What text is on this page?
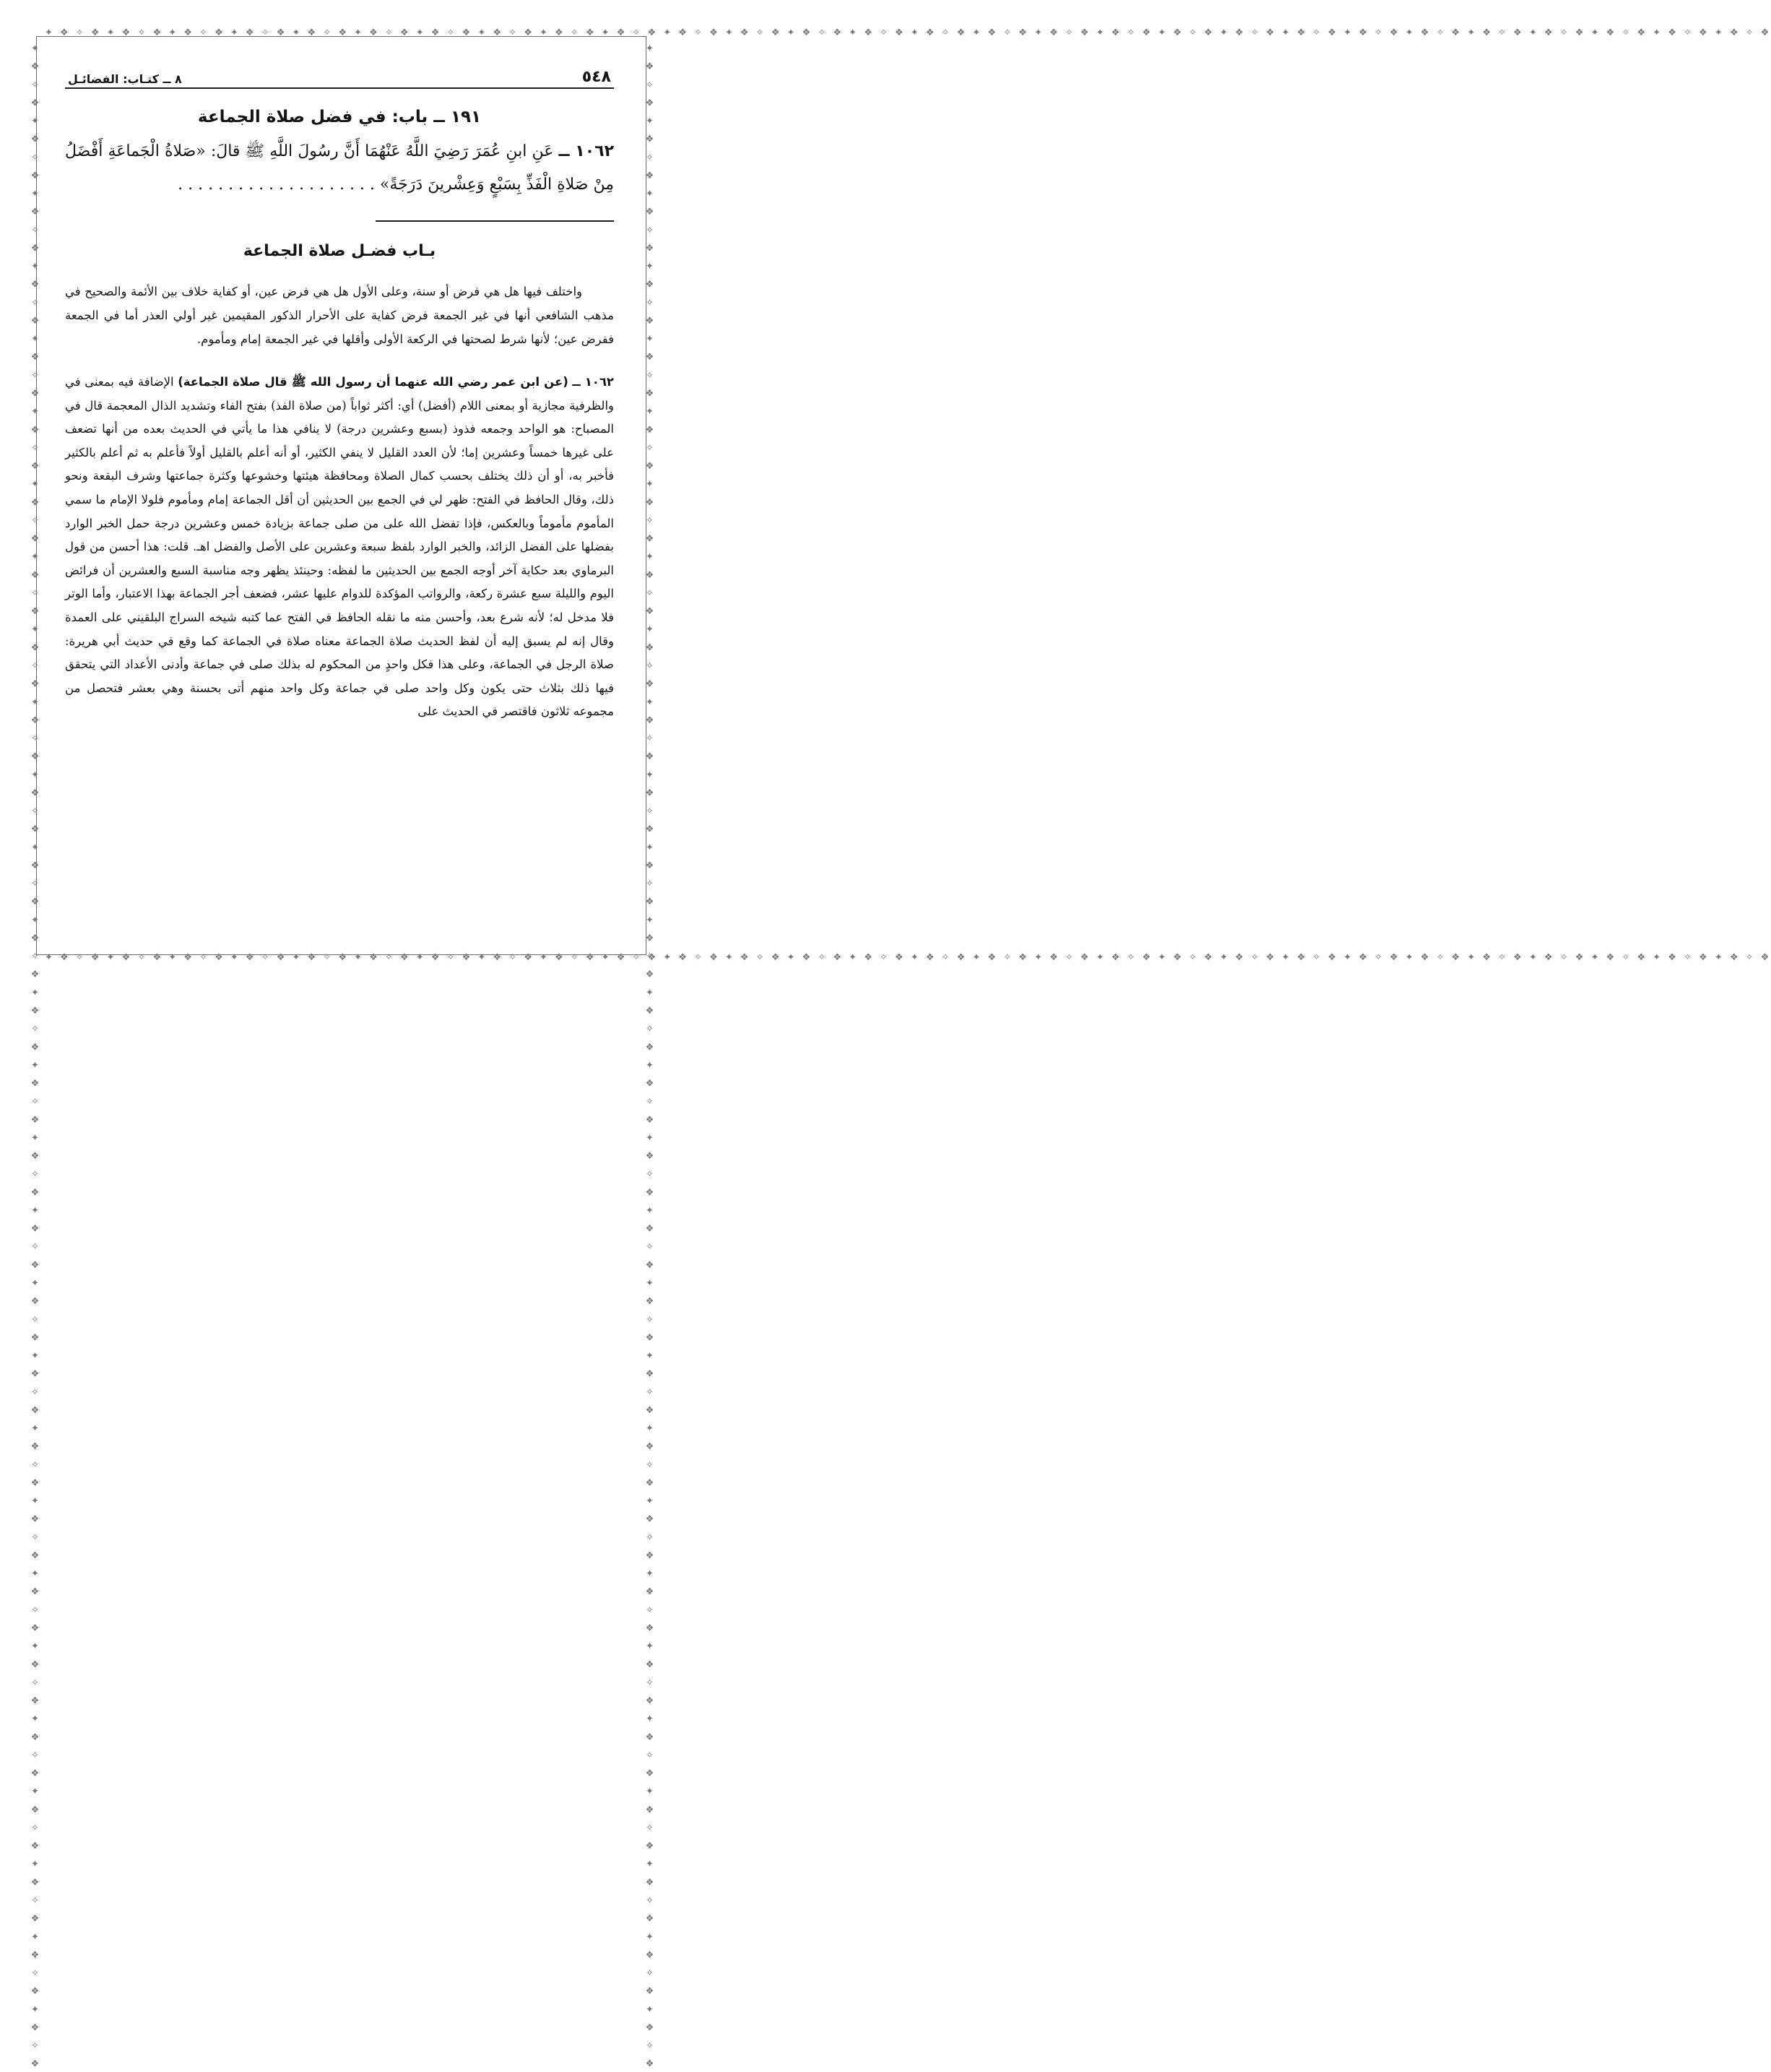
✦ ❖ ✧ ❖ ✦ ❖ ✧ ❖ ✦ ❖ ✧ ❖ ✦ ❖ ✧ ❖ ✦ ❖ ✧ ❖ ✦ ❖ ✧ ❖ ✦ ❖ ✧ ❖ ✦ ❖ ✧ ❖ ✦ ❖ ✧ ❖ ✦ ❖ ✧ ❖ ✦ ❖ ✧ ❖ ✦ ❖ ✧ ❖ ✦ ❖ ✧ ❖ ✦ ❖ ✧ ❖ ✦ ❖ ✧ ❖ ✦ ❖ ✧ ❖ ✦ ❖ ✧ ❖ ✦ ❖ ✧ ❖ ✦ ❖ ✧ ❖ ✦ ❖ ✧ ❖ ✦ ❖ ✧ ❖ ✦ ❖ ✧ ❖ ✦ ❖ ✧ ❖ ✦ ❖ ✧ ❖ ✦ ❖ ✧ ❖ ✦ ❖ ✧ ❖ ✦ ❖ ✧ ❖ ✦ ❖ ✧ ❖
✦ ❖ ✧ ❖ ✦ ❖ ✧ ❖ ✦ ❖ ✧ ❖ ✦ ❖ ✧ ❖ ✦ ❖ ✧ ❖ ✦ ❖ ✧ ❖ ✦ ❖ ✧ ❖ ✦ ❖ ✧ ❖ ✦ ❖ ✧ ❖ ✦ ❖ ✧ ❖ ✦ ❖ ✧ ❖ ✦ ❖ ✧ ❖ ✦ ❖ ✧ ❖ ✦ ❖ ✧ ❖ ✦ ❖ ✧ ❖ ✦ ❖ ✧ ❖ ✦ ❖ ✧ ❖ ✦ ❖ ✧ ❖ ✦ ❖ ✧ ❖ ✦ ❖ ✧ ❖ ✦ ❖ ✧ ❖ ✦ ❖ ✧ ❖ ✦ ❖ ✧ ❖ ✦ ❖ ✧ ❖ ✦ ❖ ✧ ❖ ✦ ❖ ✧ ❖ ✦ ❖ ✧ ❖ ✦ ❖ ✧ ❖
✦ ❖ ✧ ❖ ✦ ❖ ✧ ❖ ✦ ❖ ✧ ❖ ✦ ❖ ✧ ❖ ✦ ❖ ✧ ❖ ✦ ❖ ✧ ❖ ✦ ❖ ✧ ❖ ✦ ❖ ✧ ❖ ✦ ❖ ✧ ❖ ✦ ❖ ✧ ❖ ✦ ❖ ✧ ❖ ✦ ❖ ✧ ❖ ✦ ❖ ✧ ❖ ✦ ❖ ✧ ❖ ✦ ❖ ✧ ❖ ✦ ❖ ✧ ❖ ✦ ❖ ✧ ❖ ✦ ❖ ✧ ❖ ✦ ❖ ✧ ❖ ✦ ❖ ✧ ❖ ✦ ❖ ✧ ❖ ✦ ❖ ✧ ❖ ✦ ❖ ✧ ❖ ✦ ❖ ✧ ❖ ✦ ❖ ✧ ❖ ✦ ❖ ✧ ❖ ✦ ❖ ✧ ❖ ✦ ❖ ✧ ❖	✦ ❖ ✧ ❖ ✦ ❖ ✧ ❖ ✦ ❖ ✧ ❖ ✦ ❖ ✧ ❖ ✦ ❖ ✧ ❖ ✦ ❖ ✧ ❖ ✦ ❖ ✧ ❖ ✦ ❖ ✧ ❖ ✦ ❖ ✧ ❖ ✦ ❖ ✧ ❖ ✦ ❖ ✧ ❖ ✦ ❖ ✧ ❖ ✦ ❖ ✧ ❖ ✦ ❖ ✧ ❖ ✦ ❖ ✧ ❖ ✦ ❖ ✧ ❖ ✦ ❖ ✧ ❖ ✦ ❖ ✧ ❖ ✦ ❖ ✧ ❖ ✦ ❖ ✧ ❖ ✦ ❖ ✧ ❖ ✦ ❖ ✧ ❖ ✦ ❖ ✧ ❖ ✦ ❖ ✧ ❖ ✦ ❖ ✧ ❖ ✦ ❖ ✧ ❖ ✦ ❖ ✧ ❖ ✦ ❖ ✧ ❖
٥٤٨
٨ ــ كتـاب: الفضائـل
١٩١ ــ باب: في فضل صلاة الجماعة
١٠٦٢ ــ عَنِ ابنِ عُمَرَ رَضِيَ اللَّهُ عَنْهُمَا أَنَّ رسُولَ اللَّهِ ﷺ قالَ: «صَلاةُ الْجَماعَةِ أَفْضَلُ مِنْ صَلاةِ الْفَذِّ بِسَبْعٍ وَعِشْرينَ دَرَجَةً» . . . . . . . . . . . . . . . . . . . .
بـاب فضـل صلاة الجماعة

واختلف فيها هل هي فرض أو سنة، وعلى الأول هل هي فرض عين، أو كفاية خلاف بين الأئمة والصحيح في مذهب الشافعي أنها في غير الجمعة فرض كفاية على الأحرار الذكور المقيمين غير أولي العذر أما في الجمعة ففرض عين؛ لأنها شرط لصحتها في الركعة الأولى وأقلها في غير الجمعة إمام ومأموم.

١٠٦٢ ــ (عن ابن عمر رضي الله عنهما أن رسول الله ﷺ قال صلاة الجماعة) الإضافة فيه بمعنى في والظرفية مجازية أو بمعنى اللام (أفضل) أي: أكثر ثواباً (من صلاة الفذ) بفتح الفاء وتشديد الذال المعجمة قال في المصباح: هو الواحد وجمعه فذوذ (بسبع وعشرين درجة) لا ينافي هذا ما يأتي في الحديث بعده من أنها تضعف على غيرها خمساً وعشرين إما؛ لأن العدد القليل لا ينفي الكثير، أو أنه أعلم بالقليل أولاً فأعلم به ثم أعلم بالكثير فأخبر به، أو أن ذلك يختلف بحسب كمال الصلاة ومحافظة هيئتها وخشوعها وكثرة جماعتها وشرف البقعة ونحو ذلك، وقال الحافظ في الفتح: ظهر لي في الجمع بين الحديثين أن أقل الجماعة إمام ومأموم فلولا الإمام ما سمي المأموم مأموماً وبالعكس، فإذا تفضل الله على من صلى جماعة بزيادة خمس وعشرين درجة حمل الخبر الوارد بفضلها على الفضل الزائد، والخبر الوارد بلفظ سبعة وعشرين على الأصل والفضل اهـ. قلت: هذا أحسن من قول البرماوي بعد حكاية آخر أوجه الجمع بين الحديثين ما لفظه: وحينئذ يظهر وجه مناسبة السبع والعشرين أن فرائض اليوم والليلة سبع عشرة ركعة، والرواتب المؤكدة للدوام عليها عشر، فضعف أجر الجماعة بهذا الاعتبار، وأما الوتر فلا مدخل له؛ لأنه شرع بعد، وأحسن منه ما نقله الحافظ في الفتح عما كتبه شيخه السراج البلقيني على العمدة وقال إنه لم يسبق إليه أن لفظ الحديث صلاة الجماعة معناه صلاة في الجماعة كما وقع في حديث أبي هريرة: صلاة الرجل في الجماعة، وعلى هذا فكل واحدٍ من المحكوم له بذلك صلى في جماعة وأدنى الأعداد التي يتحقق فيها ذلك بثلاث حتى يكون وكل واحد صلى في جماعة وكل واحد منهم أتى بحسنة وهي بعشر فتحصل من مجموعه ثلاثون فاقتصر في الحديث على
